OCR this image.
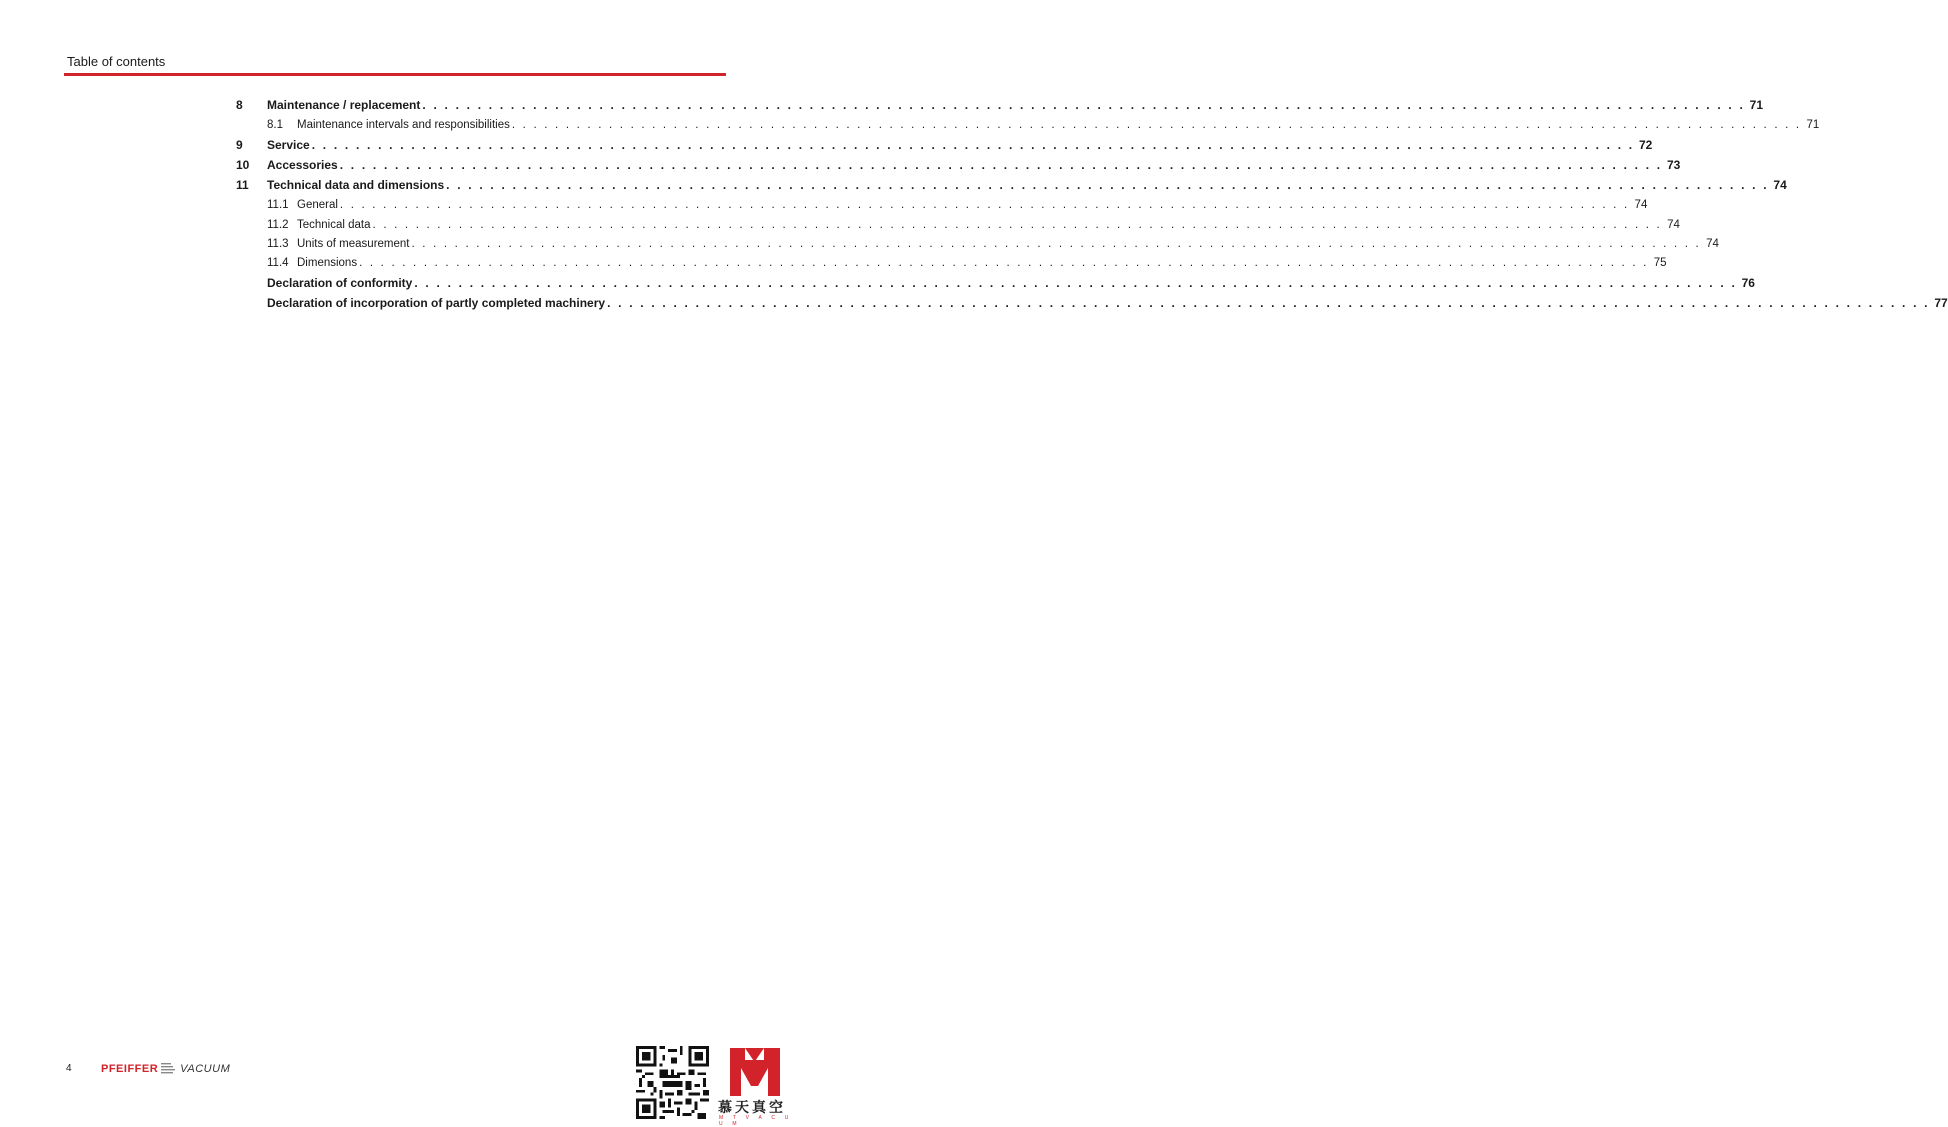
Table of contents
8	Maintenance / replacement . . . . . . . . . . . . . . . . . . . . . . . . . . . . . . . . . . . . . . . . . . . . . . . . . . . . . . . . . . . . . . . . . . . . . . . . . . . . . . . . . . . . . . . . . . . . . . . . . . . . . . . . . . . . . . . . . . . . . . . . 71
8.1	Maintenance intervals and responsibilities . . . . . . . . . . . . . . . . . . . . . . . . . . . . . . . . . . . . . . . . . . . . . . . . . . . . . . . . . . . . . . . . . . . . . . . . . . . . . . . . . . . . . . . . . . . . . . . . . . . . . . . . . . . . . . . . . . . . . . . . 71
9	Service . . . . . . . . . . . . . . . . . . . . . . . . . . . . . . . . . . . . . . . . . . . . . . . . . . . . . . . . . . . . . . . . . . . . . . . . . . . . . . . . . . . . . . . . . . . . . . . . . . . . . . . . . . . . . . . . . . . . . . . . 72
10	Accessories . . . . . . . . . . . . . . . . . . . . . . . . . . . . . . . . . . . . . . . . . . . . . . . . . . . . . . . . . . . . . . . . . . . . . . . . . . . . . . . . . . . . . . . . . . . . . . . . . . . . . . . . . . . . . . . . . . . . . . . . 73
11	Technical data and dimensions . . . . . . . . . . . . . . . . . . . . . . . . . . . . . . . . . . . . . . . . . . . . . . . . . . . . . . . . . . . . . . . . . . . . . . . . . . . . . . . . . . . . . . . . . . . . . . . . . . . . . . . . . . . . . . . . . . . . . . . . 74
11.1 General . . . . . . . . . . . . . . . . . . . . . . . . . . . . . . . . . . . . . . . . . . . . . . . . . . . . . . . . . . . . . . . . . . . . . . . . . . . . . . . . . . . . . . . . . . . . . . . . . . . . . . . . . . . . . . . . . . . . . . . . 74
11.2 Technical data . . . . . . . . . . . . . . . . . . . . . . . . . . . . . . . . . . . . . . . . . . . . . . . . . . . . . . . . . . . . . . . . . . . . . . . . . . . . . . . . . . . . . . . . . . . . . . . . . . . . . . . . . . . . . . . . . . . . . . . . 74
11.3 Units of measurement . . . . . . . . . . . . . . . . . . . . . . . . . . . . . . . . . . . . . . . . . . . . . . . . . . . . . . . . . . . . . . . . . . . . . . . . . . . . . . . . . . . . . . . . . . . . . . . . . . . . . . . . . . . . . . . . . . . . . . . . 74
11.4 Dimensions . . . . . . . . . . . . . . . . . . . . . . . . . . . . . . . . . . . . . . . . . . . . . . . . . . . . . . . . . . . . . . . . . . . . . . . . . . . . . . . . . . . . . . . . . . . . . . . . . . . . . . . . . . . . . . . . . . . . . . . . 75
Declaration of conformity . . . . . . . . . . . . . . . . . . . . . . . . . . . . . . . . . . . . . . . . . . . . . . . . . . . . . . . . . . . . . . . . . . . . . . . . . . . . . . . . . . . . . . . . . . . . . . . . . . . . . . . . . . . . . . . . . . . . . . . . 76
Declaration of incorporation of partly completed machinery . . . . . . . . . . . . . . . . . . . . . . . . . . . . . . . . . . . . . . . . . . . . . . . . . . . . . . . . . . . . . . . . . . . . . . . . . . . . . . . . . . . . . . . . . . . . . . . . . . . . . . . . . . . . . . . . . . . . . . . . 77
4	PFEIFFER VACUUM
慕天真空
M T V A C U U M
